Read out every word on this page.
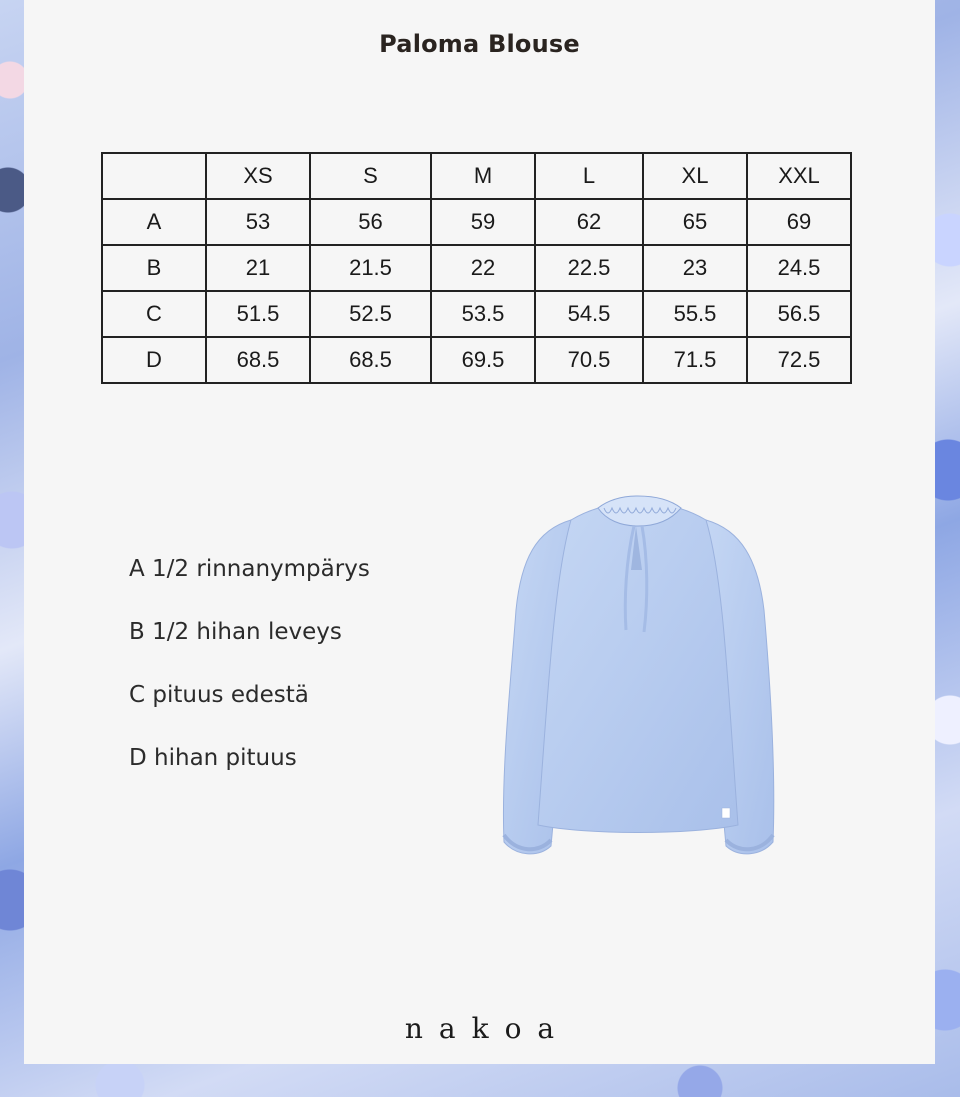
Paloma Blouse
	XS	S	M	L	XL	XXL
A	53	56	59	62	65	69
B	21	21.5	22	22.5	23	24.5
C	51.5	52.5	53.5	54.5	55.5	56.5
D	68.5	68.5	69.5	70.5	71.5	72.5
A 1/2 rinnanympärys
B 1/2 hihan leveys
C pituus edestä
D hihan pituus
nakoa
